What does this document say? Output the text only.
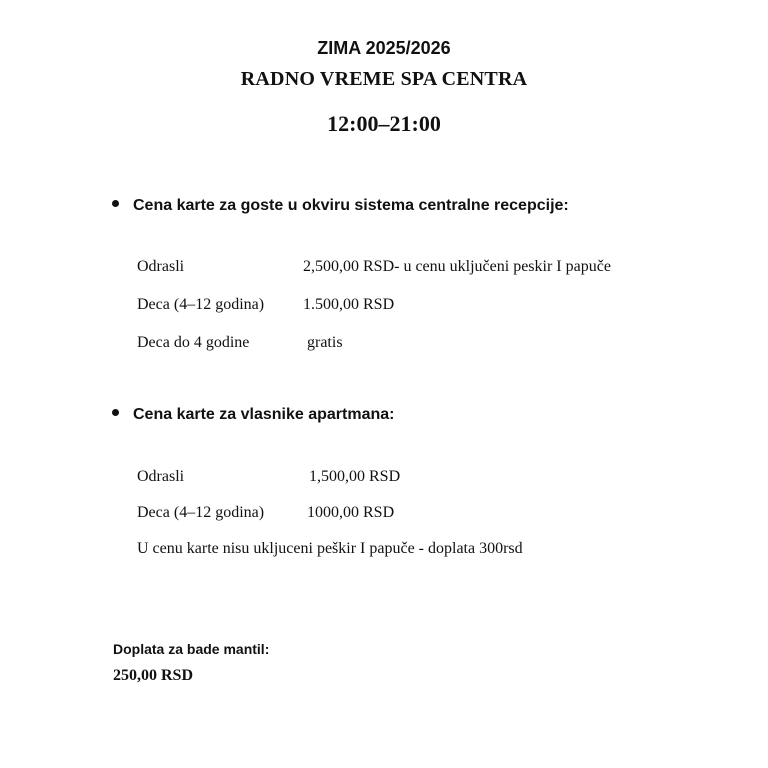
ZIMA 2025/2026
RADNO VREME SPA CENTRA
12:00–21:00
Cena karte za goste u okviru sistema centralne recepcije:
Odrasli	2,500,00 RSD- u cenu uključeni peskir I papuče
Deca (4–12 godina) 1.500,00 RSD
Deca do 4 godine	gratis
Cena karte za vlasnike apartmana:
Odrasli	1,500,00 RSD
Deca (4–12 godina)	1000,00 RSD
U cenu karte nisu uklјuceni peškir I papuče - doplata 300rsd
Doplata za bade mantil:
250,00 RSD
